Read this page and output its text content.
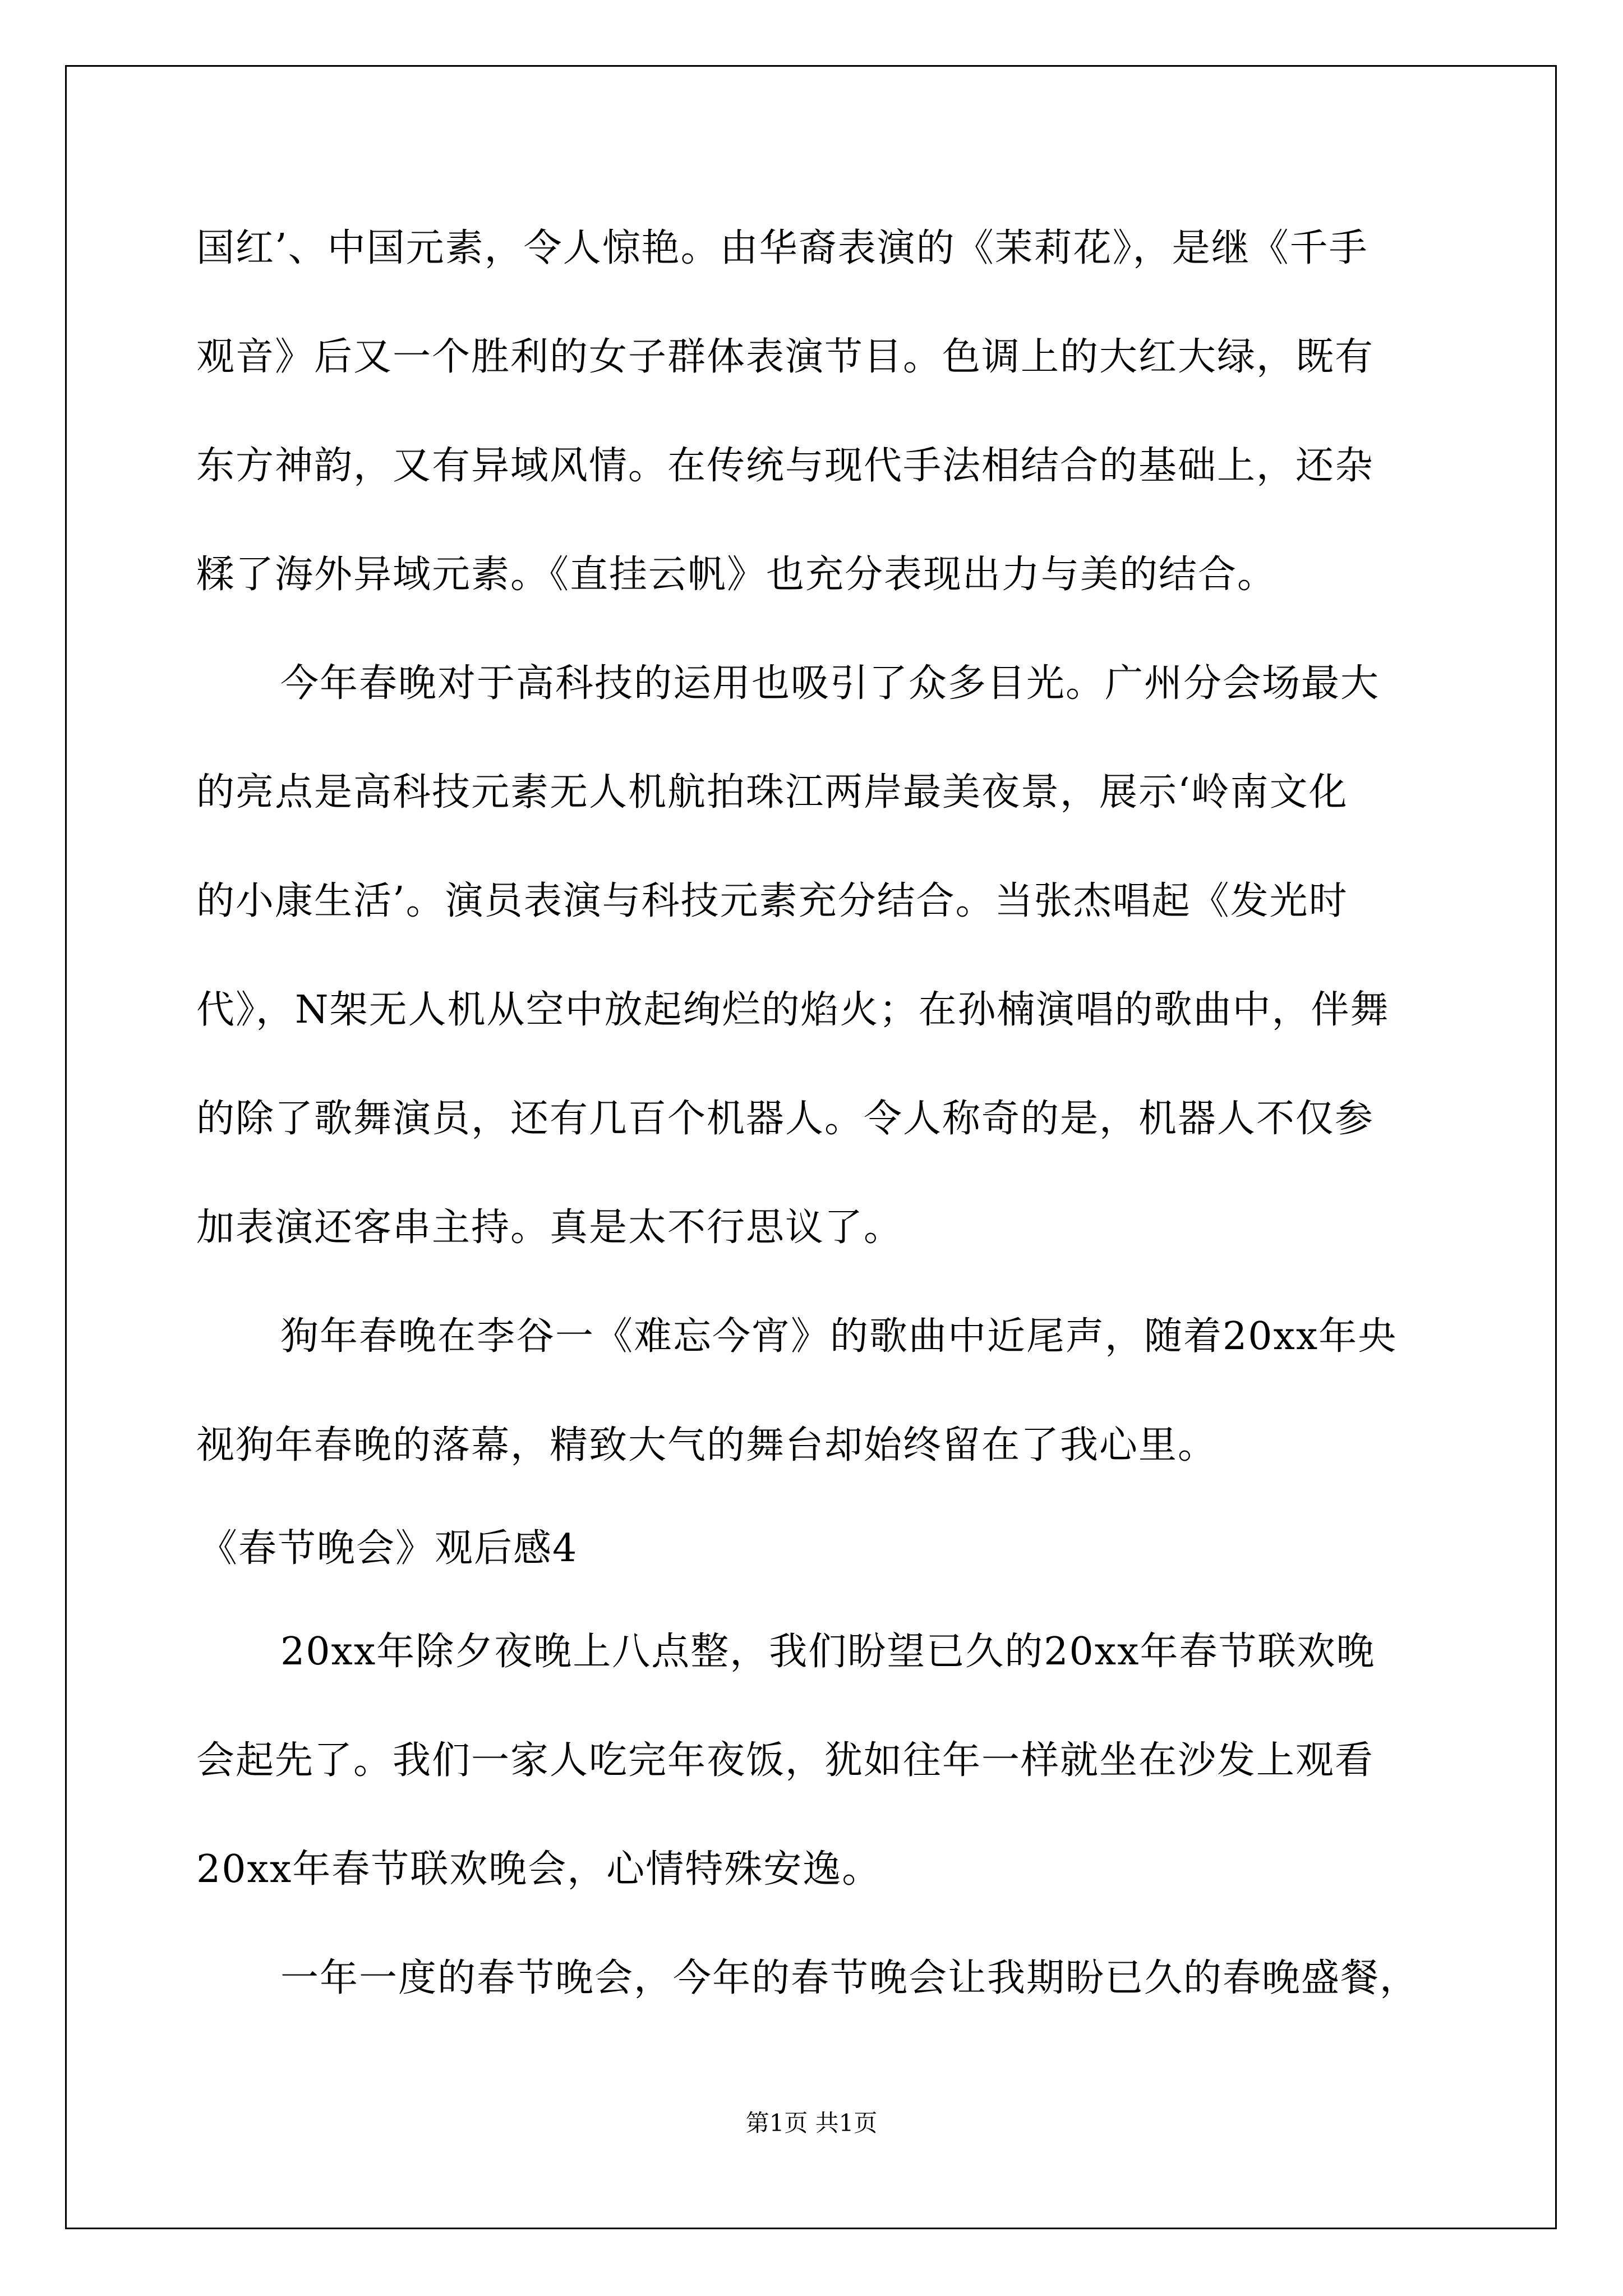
国红’、中国元素，令人惊艳。由华裔表演的《茉莉花》，是继《千手
观音》后又一个胜利的女子群体表演节目。色调上的大红大绿，既有
东方神韵，又有异域风情。在传统与现代手法相结合的基础上，还杂
糅了海外异域元素。《直挂云帆》也充分表现出力与美的结合。
今年春晚对于高科技的运用也吸引了众多目光。广州分会场最大
的亮点是高科技元素无人机航拍珠江两岸最美夜景，展示‘岭南文化
的小康生活’。演员表演与科技元素充分结合。当张杰唱起《发光时
代》，N架无人机从空中放起绚烂的焰火；在孙楠演唱的歌曲中，伴舞
的除了歌舞演员，还有几百个机器人。令人称奇的是，机器人不仅参
加表演还客串主持。真是太不行思议了。
狗年春晚在李谷一《难忘今宵》的歌曲中近尾声，随着20xx年央
视狗年春晚的落幕，精致大气的舞台却始终留在了我心里。
《春节晚会》观后感4
20xx年除夕夜晚上八点整，我们盼望已久的20xx年春节联欢晚
会起先了。我们一家人吃完年夜饭，犹如往年一样就坐在沙发上观看
20xx年春节联欢晚会，心情特殊安逸。
一年一度的春节晚会，今年的春节晚会让我期盼已久的春晚盛餐，
第1页 共1页
